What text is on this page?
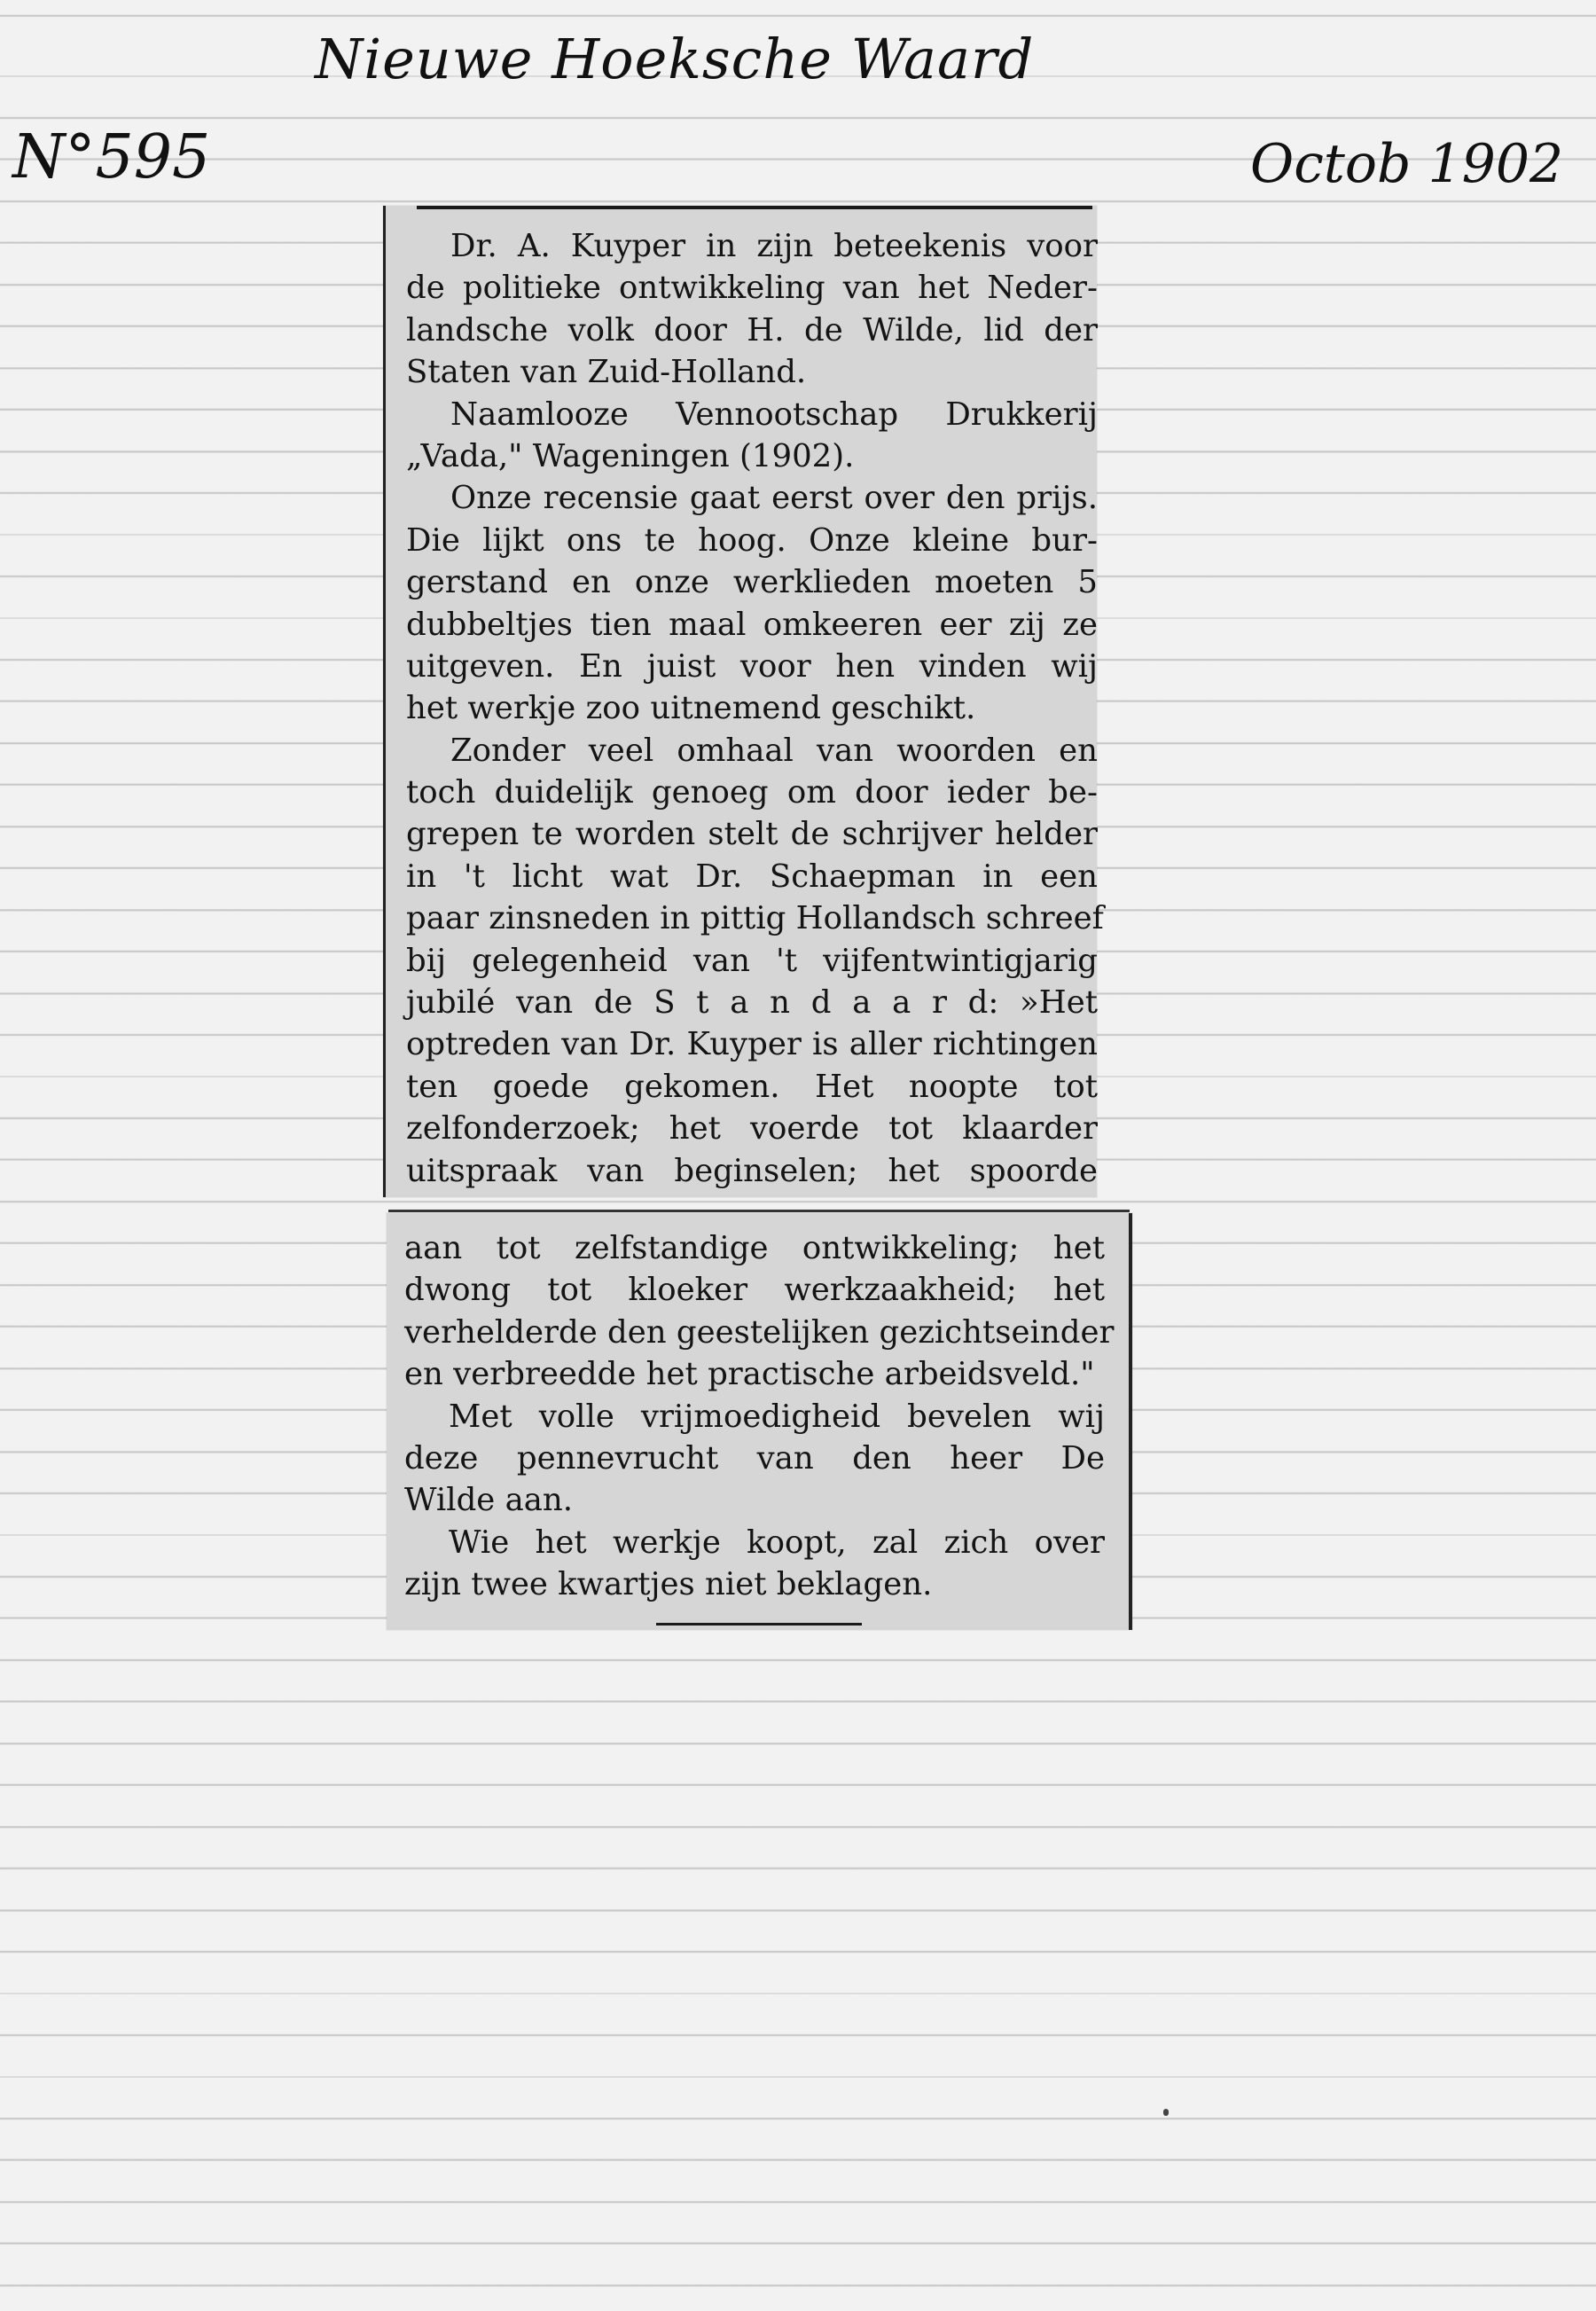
Nieuwe Hoeksche Waard
N°595	Octob 1902
Dr. A. Kuyper in zijn beteekenis voor
de politieke ontwikkeling van het Neder-
landsche volk door H. de Wilde, lid der
Staten van Zuid-Holland.
Naamlooze Vennootschap Drukkerij
„Vada," Wageningen (1902).
Onze recensie gaat eerst over den prijs.
Die lijkt ons te hoog. Onze kleine bur-
gerstand en onze werklieden moeten 5
dubbeltjes tien maal omkeeren eer zij ze
uitgeven. En juist voor hen vinden wij
het werkje zoo uitnemend geschikt.
Zonder veel omhaal van woorden en
toch duidelijk genoeg om door ieder be-
grepen te worden stelt de schrijver helder
in 't licht wat Dr. Schaepman in een
paar zinsneden in pittig Hollandsch schreef
bij gelegenheid van 't vijfentwintigjarig
jubilé van de S t a n d a a r d: »Het
optreden van Dr. Kuyper is aller richtingen
ten goede gekomen. Het noopte tot
zelfonderzoek; het voerde tot klaarder
uitspraak van beginselen; het spoorde
aan tot zelfstandige ontwikkeling; het
dwong tot kloeker werkzaakheid; het
verhelderde den geestelijken gezichtseinder
en verbreedde het practische arbeidsveld."
Met volle vrijmoedigheid bevelen wij
deze pennevrucht van den heer De
Wilde aan.
Wie het werkje koopt, zal zich over
zijn twee kwartjes niet beklagen.
